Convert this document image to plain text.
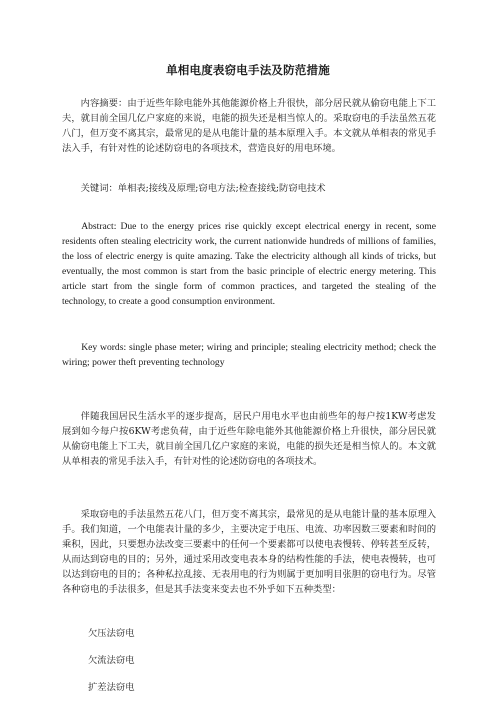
单相电度表窃电手法及防范措施

内容摘要：由于近些年除电能外其他能源价格上升很快，部分居民就从偷窃电能上下工夫，就目前全国几亿户家庭的来说，电能的损失还是相当惊人的。采取窃电的手法虽然五花八门，但万变不离其宗，最常见的是从电能计量的基本原理入手。本文就从单相表的常见手法入手，有针对性的论述防窃电的各项技术，营造良好的用电环境。

关键词：单相表;接线及原理;窃电方法;检查接线;防窃电技术

Abstract: Due to the energy prices rise quickly except electrical energy in recent, some residents often stealing electricity work, the current nationwide hundreds of millions of families, the loss of electric energy is quite amazing. Take the electricity although all kinds of tricks, but eventually, the most common is start from the basic principle of electric energy metering. This article start from the single form of common practices, and targeted the stealing of the technology, to create a good consumption environment.

Key words: single phase meter; wiring and principle; stealing electricity method; check the wiring; power theft preventing technology

伴随我国居民生活水平的逐步提高，居民户用电水平也由前些年的每户按1KW考虑发展到如今每户按6KW考虑负荷，由于近些年除电能外其他能源价格上升很快，部分居民就从偷窃电能上下工夫，就目前全国几亿户家庭的来说，电能的损失还是相当惊人的。本文就从单相表的常见手法入手，有针对性的论述防窃电的各项技术。

采取窃电的手法虽然五花八门，但万变不离其宗，最常见的是从电能计量的基本原理入手。我们知道，一个电能表计量的多少，主要决定于电压、电流、功率因数三要素和时间的乘积，因此，只要想办法改变三要素中的任何一个要素都可以使电表慢转、停转甚至反转，从而达到窃电的目的；另外，通过采用改变电表本身的结构性能的手法，使电表慢转，也可以达到窃电的目的；各种私拉乱接、无表用电的行为则属于更加明目张胆的窃电行为。尽管各种窃电的手法很多，但是其手法变来变去也不外乎如下五种类型：

欠压法窃电

欠流法窃电

扩差法窃电
